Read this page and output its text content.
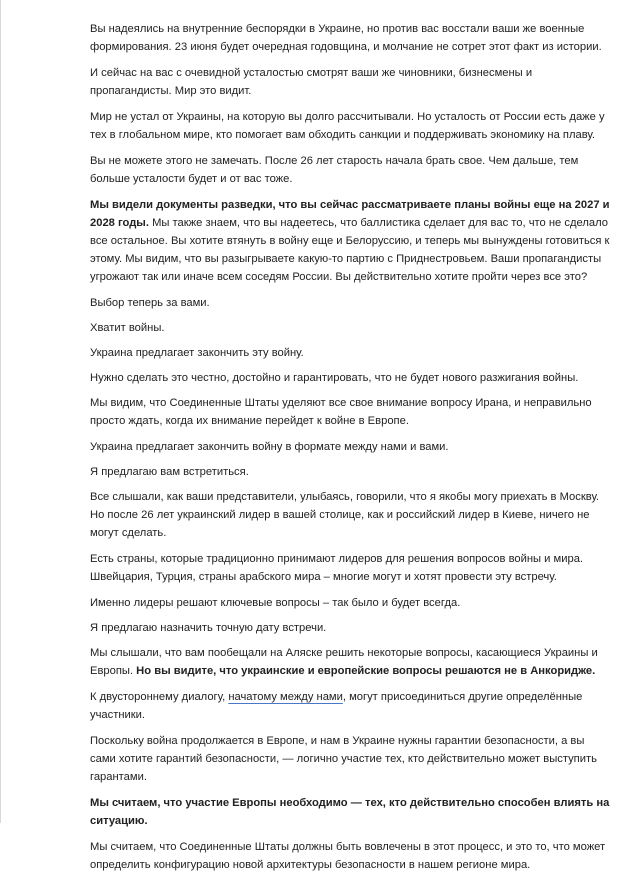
Вы надеялись на внутренние беспорядки в Украине, но против вас восстали ваши же военные формирования. 23 июня будет очередная годовщина, и молчание не сотрет этот факт из истории.

И сейчас на вас с очевидной усталостью смотрят ваши же чиновники, бизнесмены и пропагандисты. Мир это видит.

Мир не устал от Украины, на которую вы долго рассчитывали. Но усталость от России есть даже у тех в глобальном мире, кто помогает вам обходить санкции и поддерживать экономику на плаву.

Вы не можете этого не замечать. После 26 лет старость начала брать свое. Чем дальше, тем больше усталости будет и от вас тоже.

Мы видели документы разведки, что вы сейчас рассматриваете планы войны еще на 2027 и 2028 годы. Мы также знаем, что вы надеетесь, что баллистика сделает для вас то, что не сделало все остальное. Вы хотите втянуть в войну еще и Белоруссию, и теперь мы вынуждены готовиться к этому. Мы видим, что вы разыгрываете какую-то партию с Приднестровьем. Ваши пропагандисты угрожают так или иначе всем соседям России. Вы действительно хотите пройти через все это?

Выбор теперь за вами.

Хватит войны.

Украина предлагает закончить эту войну.

Нужно сделать это честно, достойно и гарантировать, что не будет нового разжигания войны.

Мы видим, что Соединенные Штаты уделяют все свое внимание вопросу Ирана, и неправильно просто ждать, когда их внимание перейдет к войне в Европе.

Украина предлагает закончить войну в формате между нами и вами.

Я предлагаю вам встретиться.

Все слышали, как ваши представители, улыбаясь, говорили, что я якобы могу приехать в Москву. Но после 26 лет украинский лидер в вашей столице, как и российский лидер в Киеве, ничего не могут сделать.

Есть страны, которые традиционно принимают лидеров для решения вопросов войны и мира. Швейцария, Турция, страны арабского мира – многие могут и хотят провести эту встречу.

Именно лидеры решают ключевые вопросы – так было и будет всегда.

Я предлагаю назначить точную дату встречи.

Мы слышали, что вам пообещали на Аляске решить некоторые вопросы, касающиеся Украины и Европы. Но вы видите, что украинские и европейские вопросы решаются не в Анкоридже.

К двустороннему диалогу, начатому между нами, могут присоединиться другие определённые участники.

Поскольку война продолжается в Европе, и нам в Украине нужны гарантии безопасности, а вы сами хотите гарантий безопасности, — логично участие тех, кто действительно может выступить гарантами.

Мы считаем, что участие Европы необходимо — тех, кто действительно способен влиять на ситуацию.

Мы считаем, что Соединенные Штаты должны быть вовлечены в этот процесс, и это то, что может определить конфигурацию новой архитектуры безопасности в нашем регионе мира.
